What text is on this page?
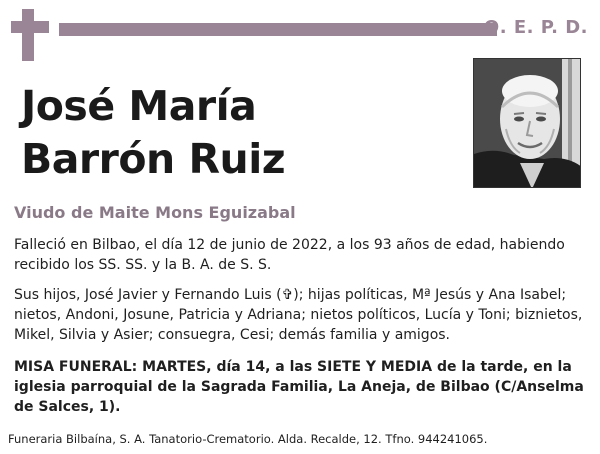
Q. E. P. D.
José María
Barrón Ruiz
Viudo de Maite Mons Eguizabal

Falleció en Bilbao, el día 12 de junio de 2022, a los 93 años de edad, habiendo recibido los SS. SS. y la B. A. de S. S.

Sus hijos, José Javier y Fernando Luis (✞); hijas políticas, Mª Jesús y Ana Isabel; nietos, Andoni, Josune, Patricia y Adriana; nietos políticos, Lucía y Toni; biznietos, Mikel, Silvia y Asier; consuegra, Cesi; demás familia y amigos.

MISA FUNERAL: MARTES, día 14, a las SIETE Y MEDIA de la tarde, en la iglesia parroquial de la Sagrada Familia, La Aneja, de Bilbao (C/Anselma de Salces, 1).

Funeraria Bilbaína, S. A. Tanatorio-Crematorio. Alda. Recalde, 12. Tfno. 944241065.
